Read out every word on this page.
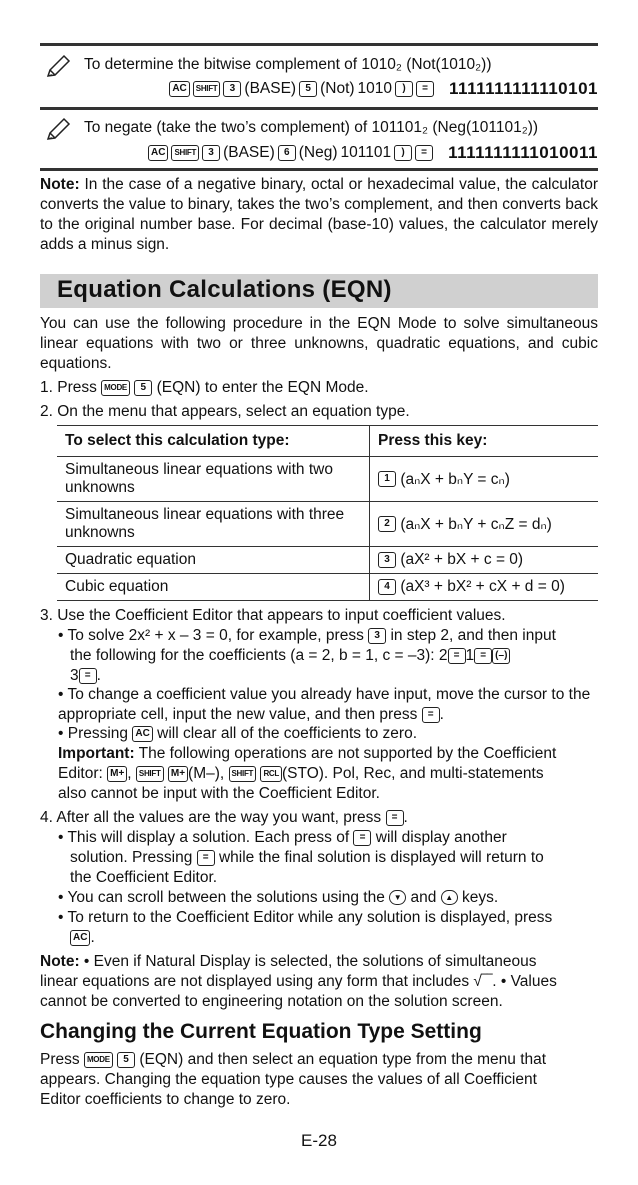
To determine the bitwise complement of 1010₂ (Not(1010₂))
AC	SHIFT	3 (BASE) 5 (Not) 1010	)	=	1111111111110101
To negate (take the two’s complement) of 101101₂ (Neg(101101₂))
AC	SHIFT	3 (BASE) 6 (Neg) 101101	)	=	1111111111010011
Note: In the case of a negative binary, octal or hexadecimal value, the calculator converts the value to binary, takes the two’s complement, and then converts back to the original number base. For decimal (base-10) values, the calculator merely adds a minus sign.
Equation Calculations (EQN)
You can use the following procedure in the EQN Mode to solve simultaneous linear equations with two or three unknowns, quadratic equations, and cubic equations.
1. Press MODE 5 (EQN) to enter the EQN Mode.
2. On the menu that appears, select an equation type.
To select this calculation type:	Press this key:
Simultaneous linear equations with two unknowns	1 (aₙX + bₙY = cₙ)
Simultaneous linear equations with three unknowns	2 (aₙX + bₙY + cₙZ = dₙ)
Quadratic equation	3 (aX² + bX + c = 0)
Cubic equation	4 (aX³ + bX² + cX + d = 0)
3. Use the Coefficient Editor that appears to input coefficient values.
• To solve 2x² + x – 3 = 0, for example, press 3 in step 2, and then input
the following for the coefficients (a = 2, b = 1, c = –3): 2 = 1 = (–)
3 = .
• To change a coefficient value you already have input, move the cursor to the appropriate cell, input the new value, and then press = .
• Pressing AC will clear all of the coefficients to zero.
Important: The following operations are not supported by the Coefficient
Editor: M+ , SHIFT M+ (M–), SHIFT RCL (STO). Pol, Rec, and multi-statements
also cannot be input with the Coefficient Editor.
4. After all the values are the way you want, press = .
• This will display a solution. Each press of = will display another
solution. Pressing = while the final solution is displayed will return to
the Coefficient Editor.
• You can scroll between the solutions using the ▼ and ▲ keys.
• To return to the Coefficient Editor while any solution is displayed, press
AC .
Note: • Even if Natural Display is selected, the solutions of simultaneous
linear equations are not displayed using any form that includes √‾‾. • Values
cannot be converted to engineering notation on the solution screen.
Changing the Current Equation Type Setting
Press MODE 5 (EQN) and then select an equation type from the menu that
appears. Changing the equation type causes the values of all Coefficient
Editor coefficients to change to zero.
E-28
